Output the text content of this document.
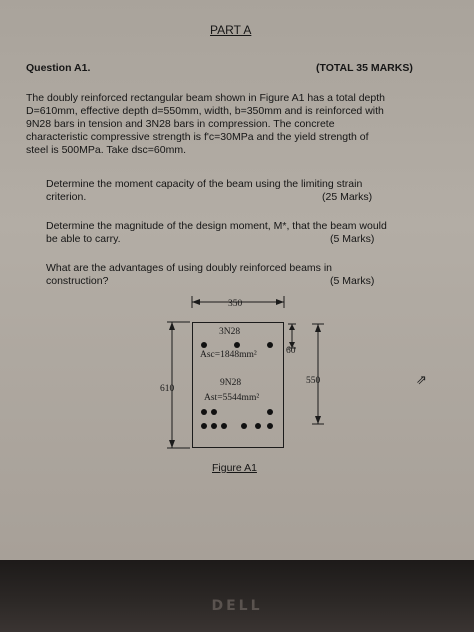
PART A
Question A1.	(TOTAL 35 MARKS)
The doubly reinforced rectangular beam shown in Figure A1 has a total depth
D=610mm, effective depth d=550mm, width, b=350mm and is reinforced with
9N28 bars in tension and 3N28 bars in compression. The concrete
characteristic compressive strength is f'c=30MPa and the yield strength of
steel is 500MPa. Take dsc=60mm.
Determine the moment capacity of the beam using the limiting strain
criterion.	(25 Marks)
Determine the magnitude of the design moment, M*, that the beam would
be able to carry.	(5 Marks)
What are the advantages of using doubly reinforced beams in
construction?	(5 Marks)
350
3N28
Asc=1848mm²	60
610
550
9N28
Ast=5544mm²
Figure A1
⇗
DELL
